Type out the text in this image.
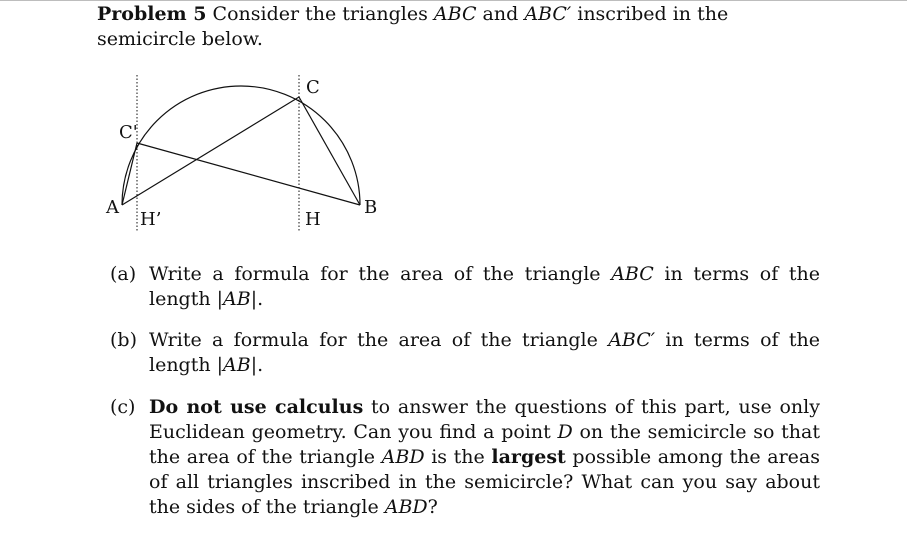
Problem 5 Consider the triangles ABC and ABC′ inscribed in the semicircle below.
C
C'
A	B
H’	H
(a) Write a formula for the area of the triangle ABC in terms of the length |AB|.
(b) Write a formula for the area of the triangle ABC′ in terms of the length |AB|.
(c) Do not use calculus to answer the questions of this part, use only Euclidean geometry. Can you find a point D on the semicircle so that the area of the triangle ABD is the largest possible among the areas of all triangles inscribed in the semicircle? What can you say about the sides of the triangle ABD?
